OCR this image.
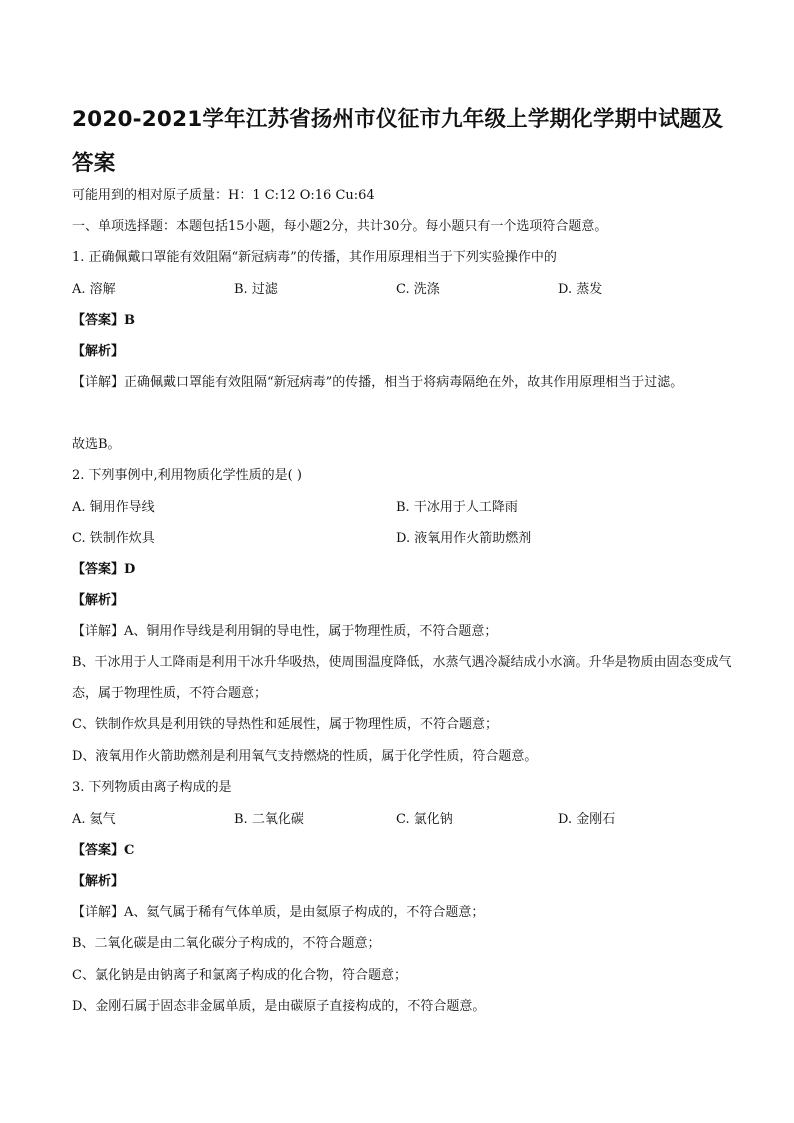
2020-2021学年江苏省扬州市仪征市九年级上学期化学期中试题及答案
可能用到的相对原子质量：H：1 C:12 O:16 Cu:64
一、单项选择题：本题包括15小题，每小题2分，共计30分。每小题只有一个选项符合题意。
1. 正确佩戴口罩能有效阻隔“新冠病毒”的传播，其作用原理相当于下列实验操作中的
A. 溶解	B. 过滤	C. 洗涤	D. 蒸发
【答案】B
【解析】
【详解】正确佩戴口罩能有效阻隔“新冠病毒”的传播，相当于将病毒隔绝在外，故其作用原理相当于过滤。
故选B。
2. 下列事例中,利用物质化学性质的是( )
A. 铜用作导线	B. 干冰用于人工降雨
C. 铁制作炊具	D. 液氧用作火箭助燃剂
【答案】D
【解析】
【详解】A、铜用作导线是利用铜的导电性，属于物理性质，不符合题意；
B、干冰用于人工降雨是利用干冰升华吸热，使周围温度降低，水蒸气遇冷凝结成小水滴。升华是物质由固态变成气态，属于物理性质，不符合题意；
C、铁制作炊具是利用铁的导热性和延展性，属于物理性质，不符合题意；
D、液氧用作火箭助燃剂是利用氧气支持燃烧的性质，属于化学性质，符合题意。
3. 下列物质由离子构成的是
A. 氦气	B. 二氧化碳	C. 氯化钠	D. 金刚石
【答案】C
【解析】
【详解】A、氦气属于稀有气体单质，是由氦原子构成的，不符合题意；
B、二氧化碳是由二氧化碳分子构成的，不符合题意；
C、氯化钠是由钠离子和氯离子构成的化合物，符合题意；
D、金刚石属于固态非金属单质，是由碳原子直接构成的，不符合题意。
